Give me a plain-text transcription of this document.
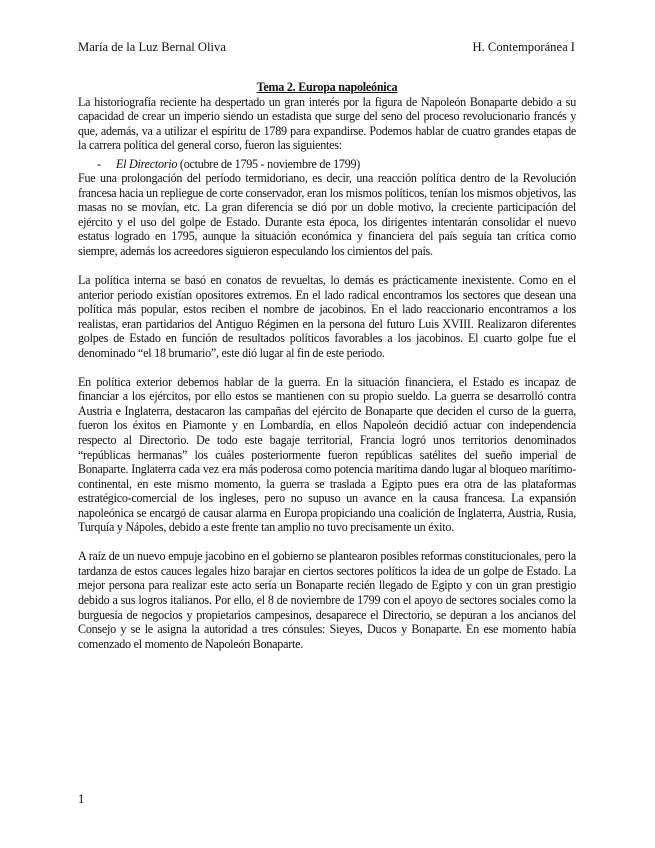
María de la Luz Bernal Oliva	H. Contemporánea I

Tema 2. Europa napoleónica

La historiografía reciente ha despertado un gran interés por la figura de Napoleón Bonaparte debido a su capacidad de crear un imperio siendo un estadista que surge del seno del proceso revolucionario francés y que, además, va a utilizar el espíritu de 1789 para expandirse. Podemos hablar de cuatro grandes etapas de la carrera política del general corso, fueron las siguientes:

- El Directorio (octubre de 1795 - noviembre de 1799)

Fue una prolongación del período termidoriano, es decir, una reacción política dentro de la Revolución francesa hacia un repliegue de corte conservador, eran los mismos políticos, tenían los mismos objetivos, las masas no se movían, etc. La gran diferencia se dió por un doble motivo, la creciente participación del ejército y el uso del golpe de Estado. Durante esta época, los dirigentes intentarán consolidar el nuevo estatus logrado en 1795, aunque la situación económica y financiera del país seguía tan crítica como siempre, además los acreedores siguieron especulando los cimientos del país.

La política interna se basó en conatos de revueltas, lo demás es prácticamente inexistente. Como en el anterior periodo existían opositores extremos. En el lado radical encontramos los sectores que desean una política más popular, estos reciben el nombre de jacobinos. En el lado reaccionario encontramos a los realistas, eran partidarios del Antiguo Régimen en la persona del futuro Luis XVIII. Realizaron diferentes golpes de Estado en función de resultados políticos favorables a los jacobinos. El cuarto golpe fue el denominado “el 18 brumario”, este dió lugar al fin de este periodo.

En política exterior debemos hablar de la guerra. En la situación financiera, el Estado es incapaz de financiar a los ejércitos, por ello estos se mantienen con su propio sueldo. La guerra se desarrolló contra Austria e Inglaterra, destacaron las campañas del ejército de Bonaparte que deciden el curso de la guerra, fueron los éxitos en Piamonte y en Lombardía, en ellos Napoleón decidió actuar con independencia respecto al Directorio. De todo este bagaje territorial, Francia logró unos territorios denominados “repúblicas hermanas” los cuáles posteriormente fueron repúblicas satélites del sueño imperial de Bonaparte. Inglaterra cada vez era más poderosa como potencia marítima dando lugar al bloqueo marítimo-continental, en este mismo momento, la guerra se traslada a Egipto pues era otra de las plataformas estratégico-comercial de los ingleses, pero no supuso un avance en la causa francesa. La expansión napoleónica se encargó de causar alarma en Europa propiciando una coalición de Inglaterra, Austria, Rusia, Turquía y Nápoles, debido a este frente tan amplio no tuvo precisamente un éxito.

A raíz de un nuevo empuje jacobino en el gobierno se plantearon posibles reformas constitucionales, pero la tardanza de estos cauces legales hizo barajar en ciertos sectores políticos la idea de un golpe de Estado. La mejor persona para realizar este acto sería un Bonaparte recién llegado de Egipto y con un gran prestigio debido a sus logros italianos. Por ello, el 8 de noviembre de 1799 con el apoyo de sectores sociales como la burguesía de negocios y propietarios campesinos, desaparece el Directorio, se depuran a los ancianos del Consejo y se le asigna la autoridad a tres cónsules: Sieyes, Ducos y Bonaparte. En ese momento había comenzado el momento de Napoleón Bonaparte.

1
